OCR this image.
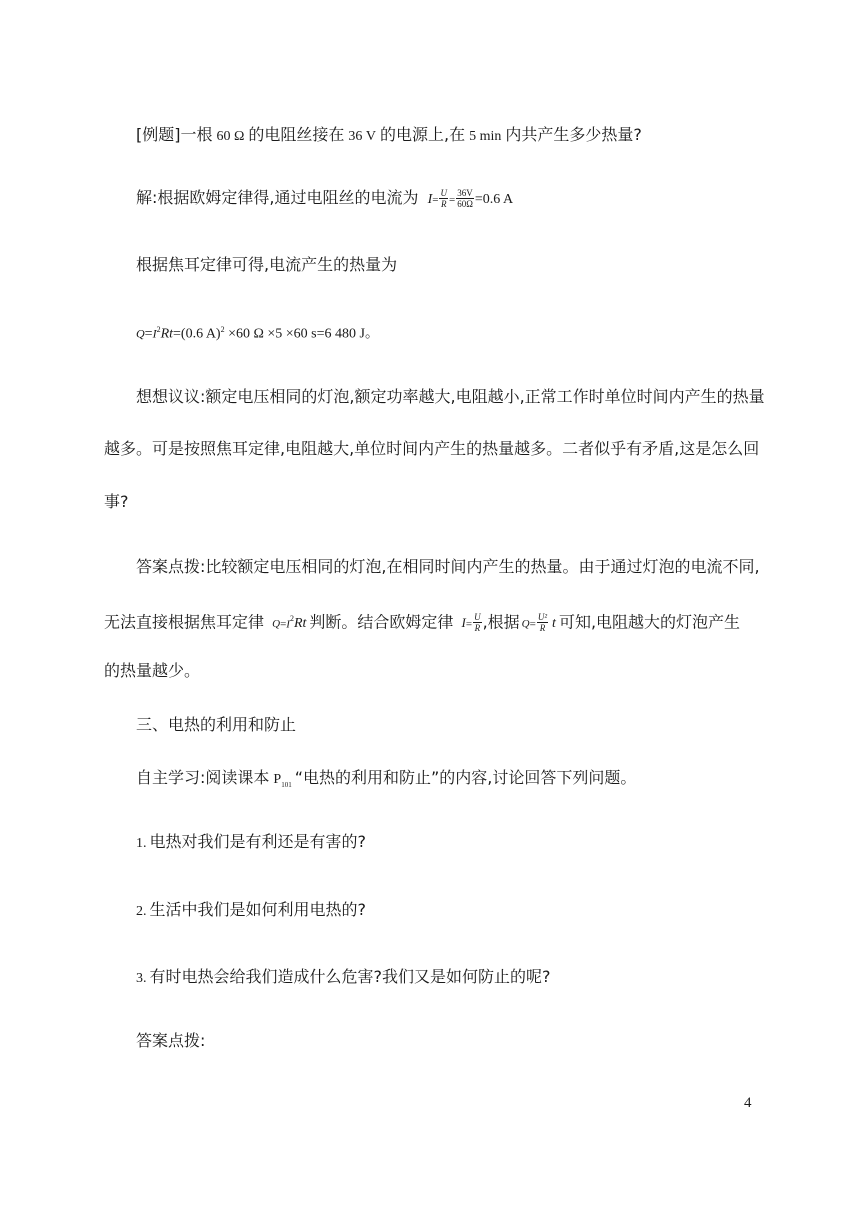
[例题]一根 60 Ω 的电阻丝接在 36 V 的电源上,在 5 min 内共产生多少热量?
解:根据欧姆定律得,通过电阻丝的电流为 $I= \frac{U}{R} = \frac{36V}{60\Omega} =0.6$ A
根据焦耳定律可得,电流产生的热量为
$Q=I^2Rt=(0.6$ A)$^2$ ×60 Ω ×5 ×60 s=6 480 J。
想想议议:额定电压相同的灯泡,额定功率越大,电阻越小,正常工作时单位时间内产生的热量
越多。可是按照焦耳定律,电阻越大,单位时间内产生的热量越多。二者似乎有矛盾,这是怎么回
事?
答案点拨:比较额定电压相同的灯泡,在相同时间内产生的热量。由于通过灯泡的电流不同,
无法直接根据焦耳定律 $Q=I^2Rt$ 判断。结合欧姆定律 $I= \frac{U}{R}$ ,根据 $Q= \frac{\text{U²}}{R}$ t 可知,电阻越大的灯泡产生
的热量越少。
三、电热的利用和防止
自主学习:阅读课本 $P_{101}$ “电热的利用和防止”的内容,讨论回答下列问题。
1. 电热对我们是有利还是有害的?
2. 生活中我们是如何利用电热的?
3. 有时电热会给我们造成什么危害?我们又是如何防止的呢?
答案点拨:
4
